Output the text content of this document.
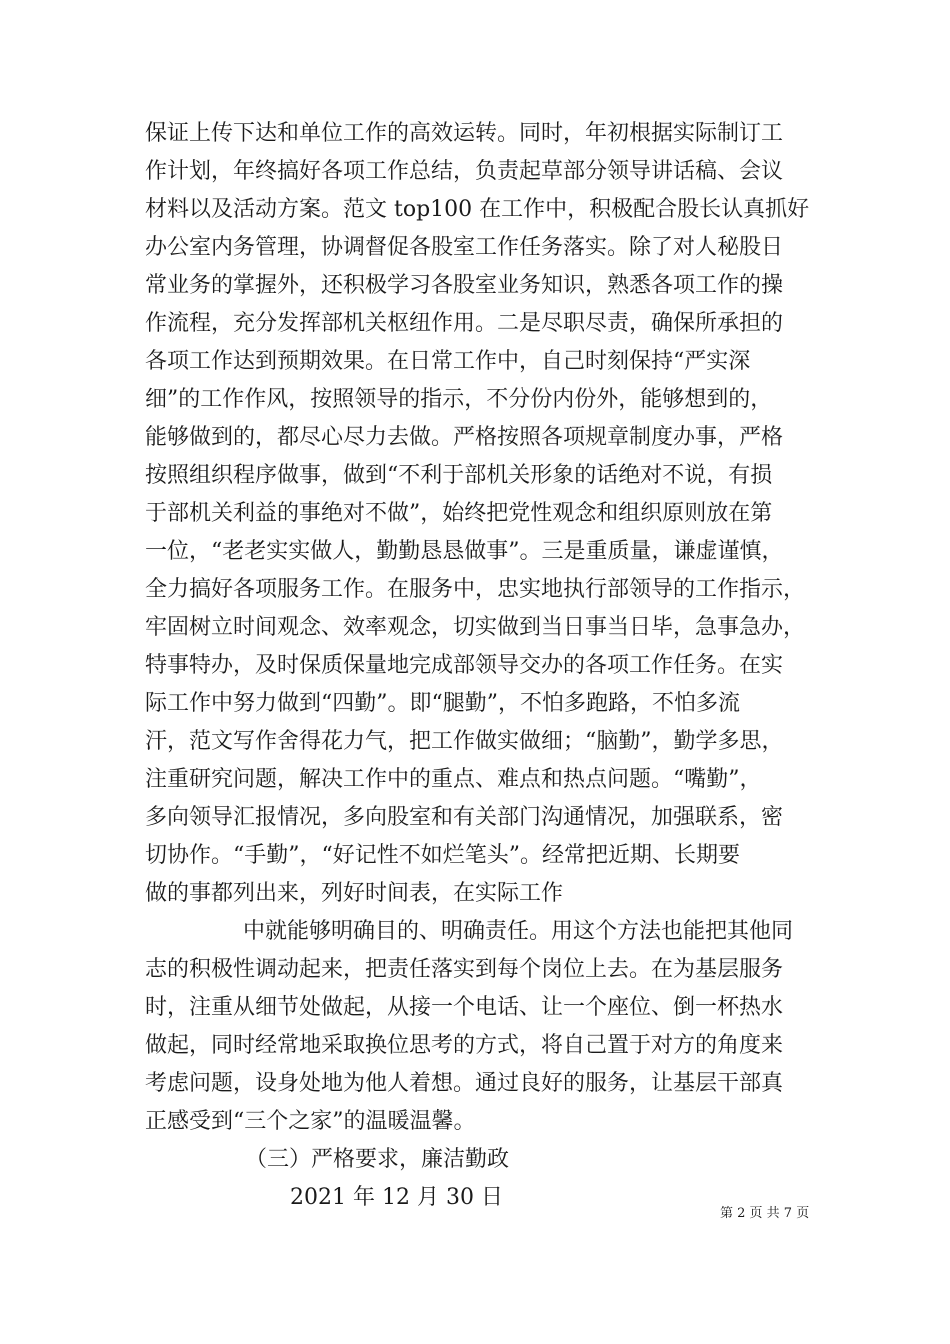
保证上传下达和单位工作的高效运转。同时，年初根据实际制订工
作计划，年终搞好各项工作总结，负责起草部分领导讲话稿、会议
材料以及活动方案。范文 top100 在工作中，积极配合股长认真抓好
办公室内务管理，协调督促各股室工作任务落实。除了对人秘股日
常业务的掌握外，还积极学习各股室业务知识，熟悉各项工作的操
作流程，充分发挥部机关枢纽作用。二是尽职尽责，确保所承担的
各项工作达到预期效果。在日常工作中，自己时刻保持“严实深
细”的工作作风，按照领导的指示，不分份内份外，能够想到的，
能够做到的，都尽心尽力去做。严格按照各项规章制度办事，严格
按照组织程序做事，做到“不利于部机关形象的话绝对不说，有损
于部机关利益的事绝对不做”，始终把党性观念和组织原则放在第
一位，“老老实实做人，勤勤恳恳做事”。三是重质量，谦虚谨慎，
全力搞好各项服务工作。在服务中，忠实地执行部领导的工作指示，
牢固树立时间观念、效率观念，切实做到当日事当日毕，急事急办，
特事特办，及时保质保量地完成部领导交办的各项工作任务。在实
际工作中努力做到“四勤”。即“腿勤”，不怕多跑路，不怕多流
汗，范文写作舍得花力气，把工作做实做细；“脑勤”，勤学多思，
注重研究问题，解决工作中的重点、难点和热点问题。“嘴勤”，
多向领导汇报情况，多向股室和有关部门沟通情况，加强联系，密
切协作。“手勤”，“好记性不如烂笔头”。经常把近期、长期要
做的事都列出来，列好时间表，在实际工作
中就能够明确目的、明确责任。用这个方法也能把其他同
志的积极性调动起来，把责任落实到每个岗位上去。在为基层服务
时，注重从细节处做起，从接一个电话、让一个座位、倒一杯热水
做起，同时经常地采取换位思考的方式，将自己置于对方的角度来
考虑问题，设身处地为他人着想。通过良好的服务，让基层干部真
正感受到“三个之家”的温暖温馨。
（三）严格要求，廉洁勤政
2021 年 12 月 30 日
第 2 页 共 7 页
